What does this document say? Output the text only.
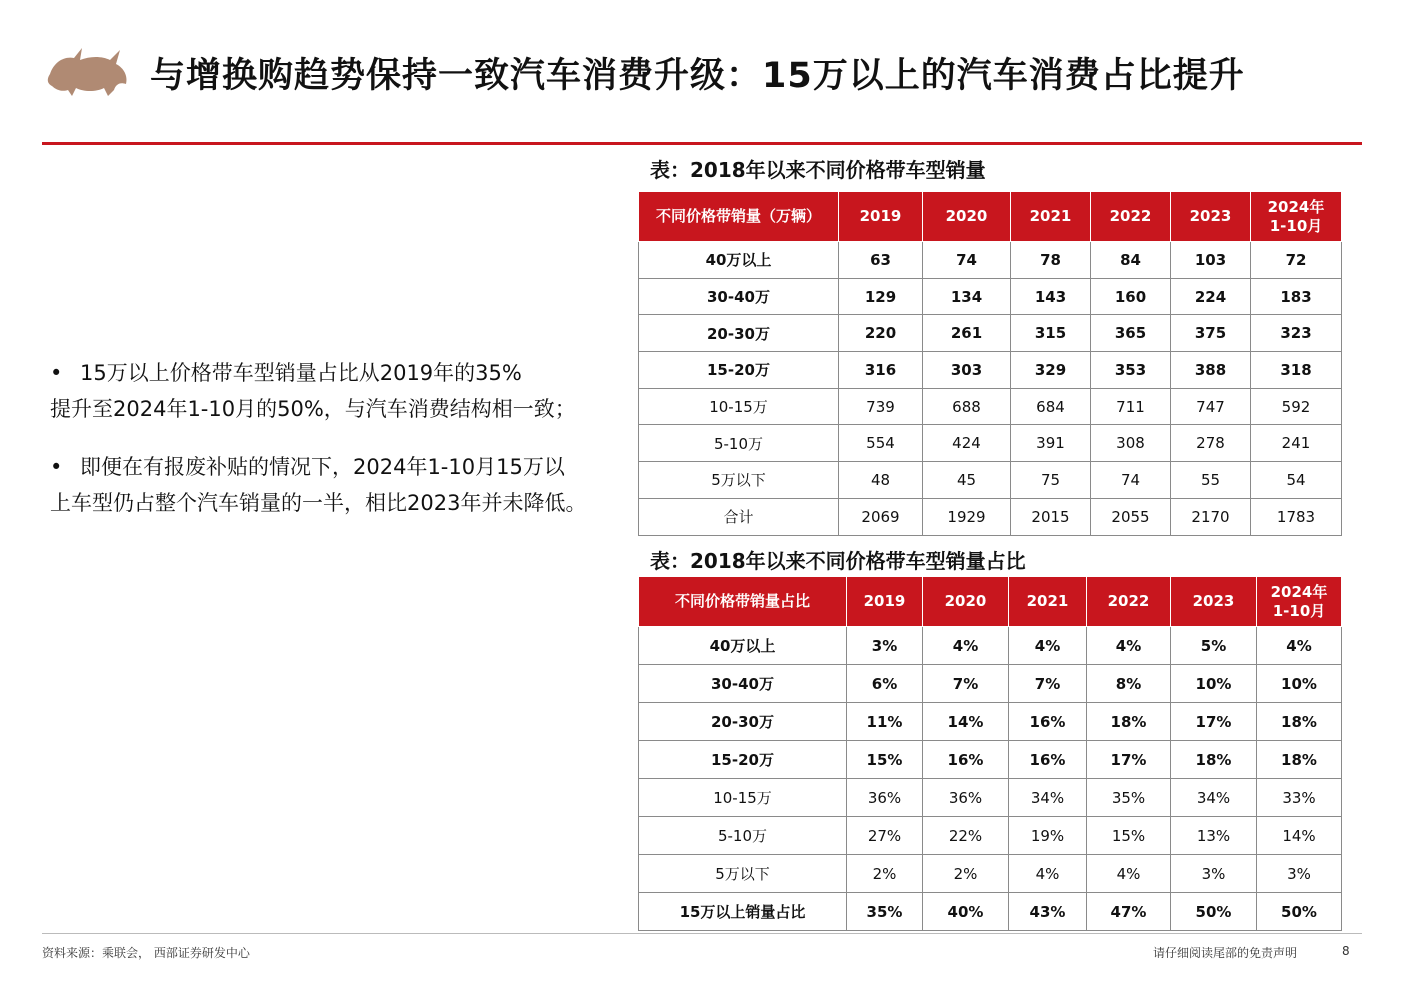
与增换购趋势保持一致汽车消费升级：15万以上的汽车消费占比提升
• 15万以上价格带车型销量占比从2019年的35%
提升至2024年1-10月的50%，与汽车消费结构相一致；
• 即便在有报废补贴的情况下，2024年1-10月15万以
上车型仍占整个汽车销量的一半，相比2023年并未降低。
表：2018年以来不同价格带车型销量
不同价格带销量（万辆）	2019	2020	2021	2022	2023	2024年
1-10月
40万以上	63	74	78	84	103	72
30-40万	129	134	143	160	224	183
20-30万	220	261	315	365	375	323
15-20万	316	303	329	353	388	318
10-15万	739	688	684	711	747	592
5-10万	554	424	391	308	278	241
5万以下	48	45	75	74	55	54
合计	2069	1929	2015	2055	2170	1783
表：2018年以来不同价格带车型销量占比
不同价格带销量占比	2019	2020	2021	2022	2023	2024年
1-10月
40万以上	3%	4%	4%	4%	5%	4%
30-40万	6%	7%	7%	8%	10%	10%
20-30万	11%	14%	16%	18%	17%	18%
15-20万	15%	16%	16%	17%	18%	18%
10-15万	36%	36%	34%	35%	34%	33%
5-10万	27%	22%	19%	15%	13%	14%
5万以下	2%	2%	4%	4%	3%	3%
15万以上销量占比	35%	40%	43%	47%	50%	50%
资料来源：乘联会， 西部证券研发中心	请仔细阅读尾部的免责声明	8
